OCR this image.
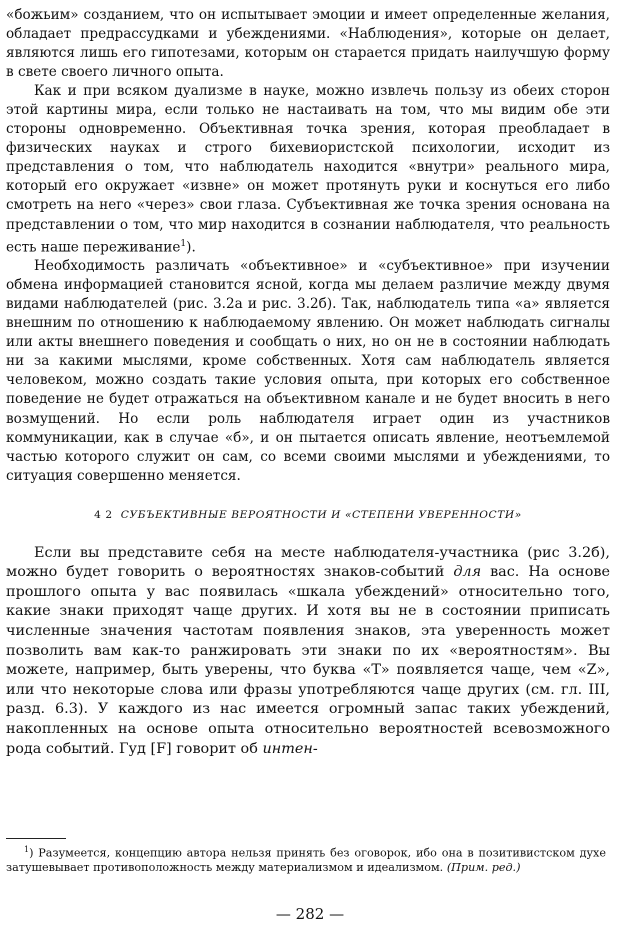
«божьим» созданием, что он испытывает эмоции и имеет определенные желания, обладает предрассудками и убеждениями. «Наблюдения», которые он делает, являются лишь его гипотезами, которым он старается придать наилучшую форму в свете своего личного опыта.

Как и при всяком дуализме в науке, можно извлечь пользу из обеих сторон этой картины мира, если только не настаивать на том, что мы видим обе эти стороны одновременно. Объективная точка зрения, которая преобладает в физических науках и строго бихевиористской психологии, исходит из представления о том, что наблюдатель находится «внутри» реального мира, который его окружает «извне» он может протянуть руки и коснуться его либо смотреть на него «через» свои глаза. Субъективная же точка зрения основана на представлении о том, что мир находится в сознании наблюдателя, что реальность есть наше переживание$^1$).

Необходимость различать «объективное» и «субъективное» при изучении обмена информацией становится ясной, когда мы делаем различие между двумя видами наблюдателей (рис. 3.2а и рис. 3.2б). Так, наблюдатель типа «а» является внешним по отношению к наблюдаемому явлению. Он может наблюдать сигналы или акты внешнего поведения и сообщать о них, но он не в состоянии наблюдать ни за какими мыслями, кроме собственных. Хотя сам наблюдатель является человеком, можно создать такие условия опыта, при которых его собственное поведение не будет отражаться на объективном канале и не будет вносить в него возмущений. Но если роль наблюдателя играет один из участников коммуникации, как в случае «б», и он пытается описать явление, неотъемлемой частью которого служит он сам, со всеми своими мыслями и убеждениями, то ситуация совершенно меняется.

4 2 СУБЪЕКТИВНЫЕ ВЕРОЯТНОСТИ И «СТЕПЕНИ УВЕРЕННОСТИ»

Если вы представите себя на месте наблюдателя-участника (рис 3.2б), можно будет говорить о вероятностях знаков-событий для вас. На основе прошлого опыта у вас появилась «шкала убеждений» относительно того, какие знаки приходят чаще других. И хотя вы не в состоянии приписать численные значения частотам появления знаков, эта уверенность может позволить вам как-то ранжировать эти знаки по их «вероятностям». Вы можете, например, быть уверены, что буква «Т» появляется чаще, чем «Z», или что некоторые слова или фразы употребляются чаще других (см. гл. III, разд. 6.3). У каждого из нас имеется огромный запас таких убеждений, накопленных на основе опыта относительно вероятностей всевозможного рода событий. Гуд [F] говорит об интен-

$^1$) Разумеется, концепцию автора нельзя принять без оговорок, ибо она в позитивистском духе затушевывает противоположность между материализмом и идеализмом. (Прим. ред.)

— 282 —
